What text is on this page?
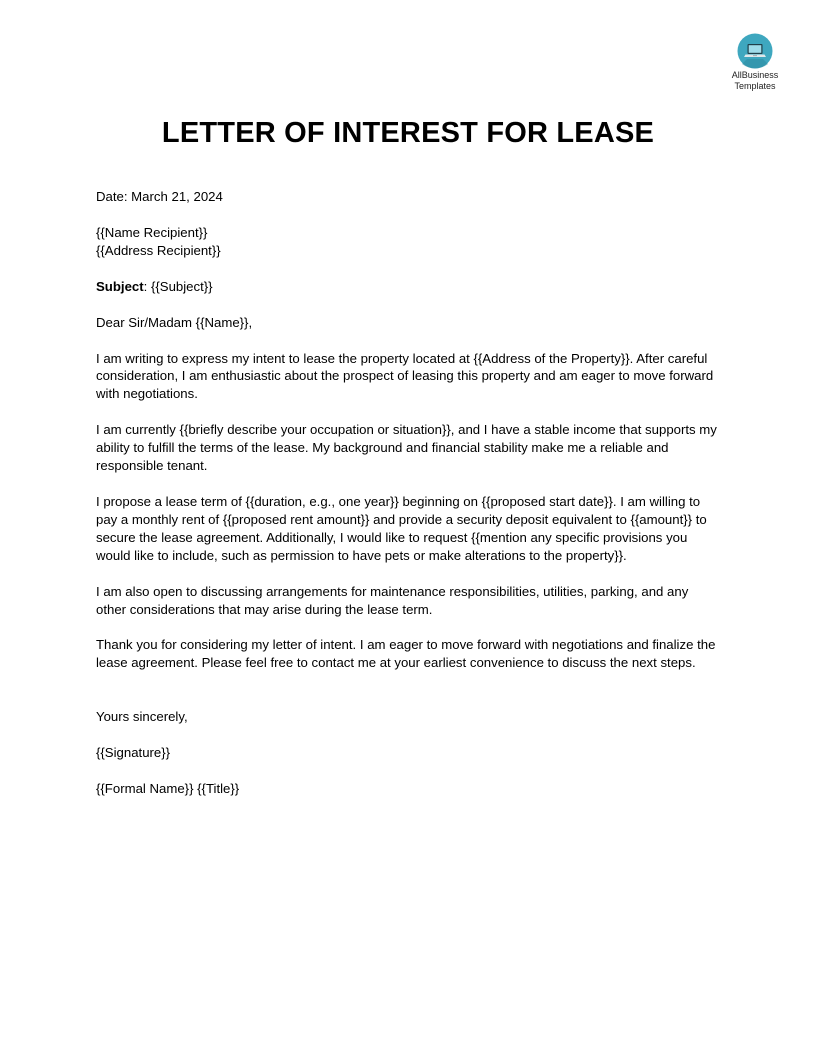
AllBusiness
Templates
LETTER OF INTEREST FOR LEASE

Date: March 21, 2024

{{Name Recipient}}

{{Address Recipient}}

Subject: {{Subject}}

Dear Sir/Madam {{Name}},

I am writing to express my intent to lease the property located at {{Address of the Property}}. After careful consideration, I am enthusiastic about the prospect of leasing this property and am eager to move forward with negotiations.

I am currently {{briefly describe your occupation or situation}}, and I have a stable income that supports my ability to fulfill the terms of the lease. My background and financial stability make me a reliable and responsible tenant.

I propose a lease term of {{duration, e.g., one year}} beginning on {{proposed start date}}. I am willing to pay a monthly rent of {{proposed rent amount}} and provide a security deposit equivalent to {{amount}} to secure the lease agreement. Additionally, I would like to request {{mention any specific provisions you would like to include, such as permission to have pets or make alterations to the property}}.

I am also open to discussing arrangements for maintenance responsibilities, utilities, parking, and any other considerations that may arise during the lease term.

Thank you for considering my letter of intent. I am eager to move forward with negotiations and finalize the lease agreement. Please feel free to contact me at your earliest convenience to discuss the next steps.

Yours sincerely,

{{Signature}}

{{Formal Name}} {{Title}}
